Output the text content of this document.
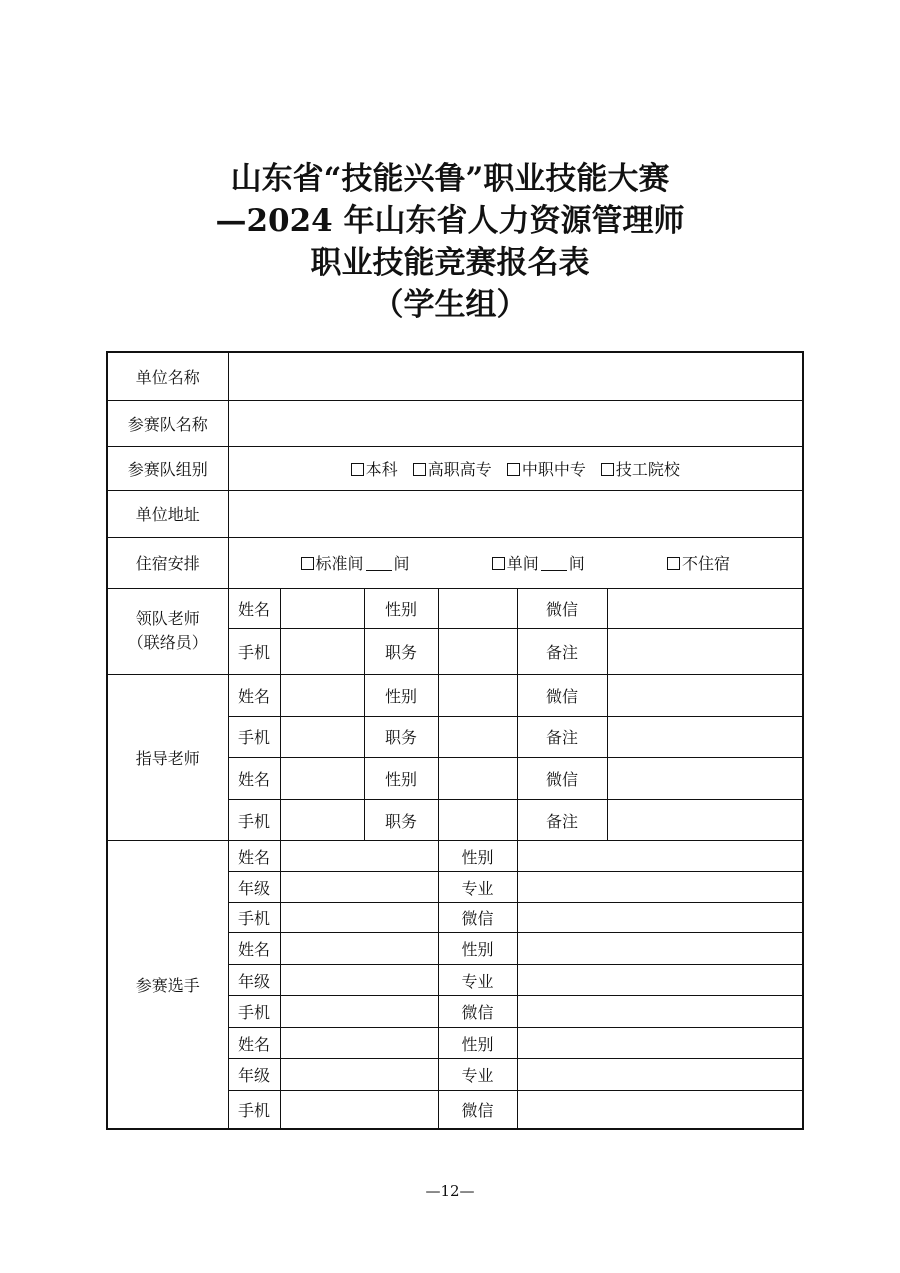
山东省“技能兴鲁”职业技能大赛
—2024 年山东省人力资源管理师
职业技能竞赛报名表
（学生组）
单位名称						
参赛队名称						
参赛队组别	本科 高职高专 中职中专 技工院校					
单位地址						
住宿安排	标准间 间 单间 间 不住宿					
领队老师
（联络员）	姓名		性别		微信	
	手机		职务		备注	
指导老师	姓名		性别		微信	
	手机		职务		备注	
	姓名		性别		微信	
	手机		职务		备注	
参赛选手	姓名			性别		
	年级			专业		
	手机			微信		
	姓名			性别		
	年级			专业		
	手机			微信		
	姓名			性别		
	年级			专业		
	手机			微信		
—12—
